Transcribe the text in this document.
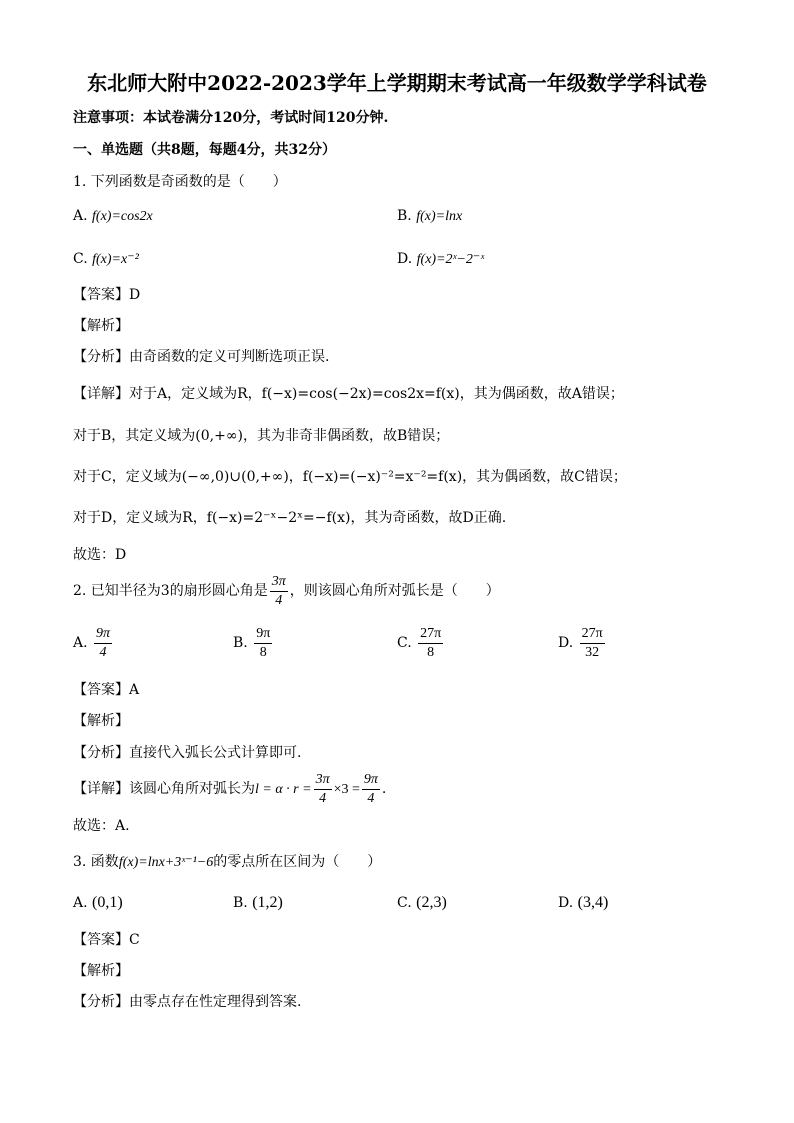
东北师大附中2022-2023学年上学期期末考试高一年级数学学科试卷
注意事项：本试卷满分120分，考试时间120分钟.
一、单选题（共8题，每题4分，共32分）
1. 下列函数是奇函数的是（　　）
A. f(x)=cos2x	B. f(x)=lnx
C. f(x)=x⁻²	D. f(x)=2ˣ−2⁻ˣ
【答案】D
【解析】
【分析】由奇函数的定义可判断选项正误.
【详解】对于A，定义域为R，f(−x)=cos(−2x)=cos2x=f(x)，其为偶函数，故A错误；
对于B，其定义域为(0,+∞)，其为非奇非偶函数，故B错误；
对于C，定义域为(−∞,0)∪(0,+∞)，f(−x)=(−x)⁻²=x⁻²=f(x)，其为偶函数，故C错误；
对于D，定义域为R，f(−x)=2⁻ˣ−2ˣ=−f(x)，其为奇函数，故D正确.
故选：D
2. 已知半径为3的扇形圆心角是 $\frac{3\pi}{4}$ ，则该圆心角所对弧长是（　　）
A. $\frac{9\pi}{4}$	B. $\frac{9\pi}{8}$	C. $\frac{27\pi}{8}$	D. $\frac{27\pi}{32}$
【答案】A
【解析】
【分析】直接代入弧长公式计算即可.
【详解】该圆心角所对弧长为$l = \alpha \cdot r = \frac{3\pi}{4} \times 3 = \frac{9\pi}{4}$ .
故选：A.
3. 函数f(x)=lnx+3ˣ⁻¹−6的零点所在区间为（　　）
A. (0,1)	B. (1,2)	C. (2,3)	D. (3,4)
【答案】C
【解析】
【分析】由零点存在性定理得到答案.
